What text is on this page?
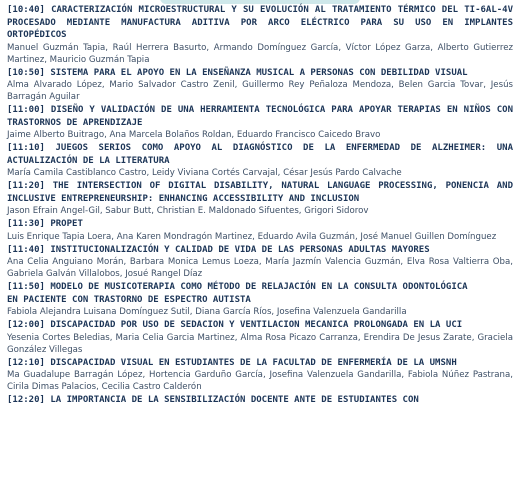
[10:40] CARACTERIZACIÓN MICROESTRUCTURAL Y SU EVOLUCIÓN AL TRATAMIENTO TÉRMICO DEL TI-6AL-4V PROCESADO MEDIANTE MANUFACTURA ADITIVA POR ARCO ELÉCTRICO PARA SU USO EN IMPLANTES ORTOPÉDICOS

Manuel Guzmán Tapia, Raúl Herrera Basurto, Armando Domínguez García, Víctor López Garza, Alberto Gutierrez Martinez, Mauricio Guzmán Tapia

[10:50] SISTEMA PARA EL APOYO EN LA ENSEÑANZA MUSICAL A PERSONAS CON DEBILIDAD VISUAL

Alma Alvarado López, Mario Salvador Castro Zenil, Guillermo Rey Peñaloza Mendoza, Belen Garcia Tovar, Jesús Barragán Aguilar

[11:00] DISEÑO Y VALIDACIÓN DE UNA HERRAMIENTA TECNOLÓGICA PARA APOYAR TERAPIAS EN NIÑOS CON TRASTORNOS DE APRENDIZAJE

Jaime Alberto Buitrago, Ana Marcela Bolaños Roldan, Eduardo Francisco Caicedo Bravo

[11:10] JUEGOS SERIOS COMO APOYO AL DIAGNÓSTICO DE LA ENFERMEDAD DE ALZHEIMER: UNA ACTUALIZACIÓN DE LA LITERATURA

María Camila Castiblanco Castro, Leidy Viviana Cortés Carvajal, César Jesús Pardo Calvache

[11:20] THE INTERSECTION OF DIGITAL DISABILITY, NATURAL LANGUAGE PROCESSING, PONENCIA AND INCLUSIVE ENTREPRENEURSHIP: ENHANCING ACCESSIBILITY AND INCLUSION

Jason Efrain Angel-Gil, Sabur Butt, Christian E. Maldonado Sifuentes, Grigori Sidorov

[11:30] PROPET

Luis Enrique Tapia Loera, Ana Karen Mondragón Martinez, Eduardo Avila Guzmán, José Manuel Guillen Domínguez

[11:40] INSTITUCIONALIZACIÓN Y CALIDAD DE VIDA DE LAS PERSONAS ADULTAS MAYORES

Ana Celia Anguiano Morán, Barbara Monica Lemus Loeza, María Jazmín Valencia Guzmán, Elva Rosa Valtierra Oba, Gabriela Galván Villalobos, Josué Rangel Díaz

[11:50] MODELO DE MUSICOTERAPIA COMO MÉTODO DE RELAJACIÓN EN LA CONSULTA ODONTOLÓGICA
EN PACIENTE CON TRASTORNO DE ESPECTRO AUTISTA

Fabiola Alejandra Luisana Domínguez Sutil, Diana García Ríos, Josefina Valenzuela Gandarilla

[12:00] DISCAPACIDAD POR USO DE SEDACION Y VENTILACION MECANICA PROLONGADA EN LA UCI

Yesenia Cortes Beledias, Maria Celia Garcia Martinez, Alma Rosa Picazo Carranza, Erendira De Jesus Zarate, Graciela González Villegas

[12:10] DISCAPACIDAD VISUAL EN ESTUDIANTES DE LA FACULTAD DE ENFERMERÍA DE LA UMSNH

Ma Guadalupe Barragán López, Hortencia Garduño García, Josefina Valenzuela Gandarilla, Fabiola Núñez Pastrana, Cirila Dimas Palacios, Cecilia Castro Calderón

[12:20] LA IMPORTANCIA DE LA SENSIBILIZACIÓN DOCENTE ANTE DE ESTUDIANTES CON
